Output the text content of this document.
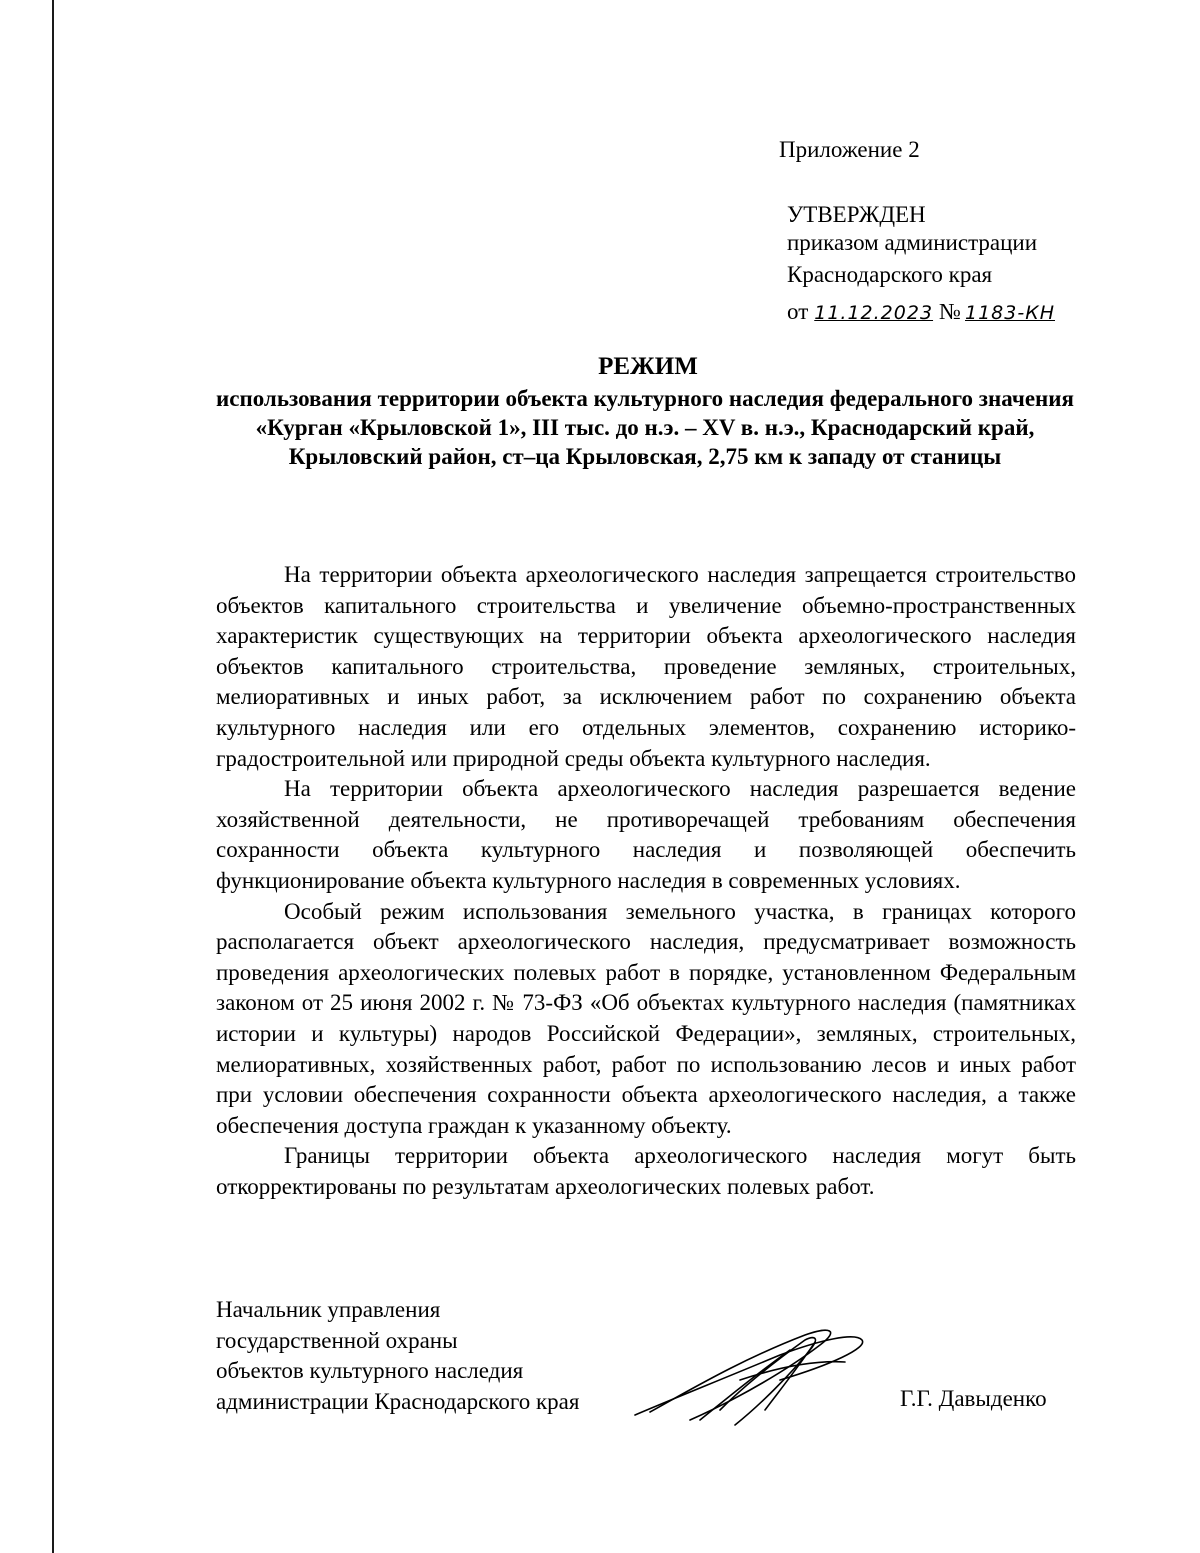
Приложение 2
УТВЕРЖДЕН
приказом администрации
Краснодарского края
от 11.12.2023 № 1183-КН
РЕЖИМ
использования территории объекта культурного наследия федерального значения «Курган «Крыловской 1», III тыс. до н.э. – XV в. н.э., Краснодарский край, Крыловский район, ст–ца Крыловская, 2,75 км к западу от станицы

На территории объекта археологического наследия запрещается строительство объектов капитального строительства и увеличение объемно-пространственных характеристик существующих на территории объекта археологического наследия объектов капитального строительства, проведение земляных, строительных, мелиоративных и иных работ, за исключением работ по сохранению объекта культурного наследия или его отдельных элементов, сохранению историко-градостроительной или природной среды объекта культурного наследия.

На территории объекта археологического наследия разрешается ведение хозяйственной деятельности, не противоречащей требованиям обеспечения сохранности объекта культурного наследия и позволяющей обеспечить функционирование объекта культурного наследия в современных условиях.

Особый режим использования земельного участка, в границах которого располагается объект археологического наследия, предусматривает возможность проведения археологических полевых работ в порядке, установленном Федеральным законом от 25 июня 2002 г. № 73-ФЗ «Об объектах культурного наследия (памятниках истории и культуры) народов Российской Федерации», земляных, строительных, мелиоративных, хозяйственных работ, работ по использованию лесов и иных работ при условии обеспечения сохранности объекта археологического наследия, а также обеспечения доступа граждан к указанному объекту.

Границы территории объекта археологического наследия могут быть откорректированы по результатам археологических полевых работ.

Начальник управления
государственной охраны
объектов культурного наследия
администрации Краснодарского края	Г.Г. Давыденко
